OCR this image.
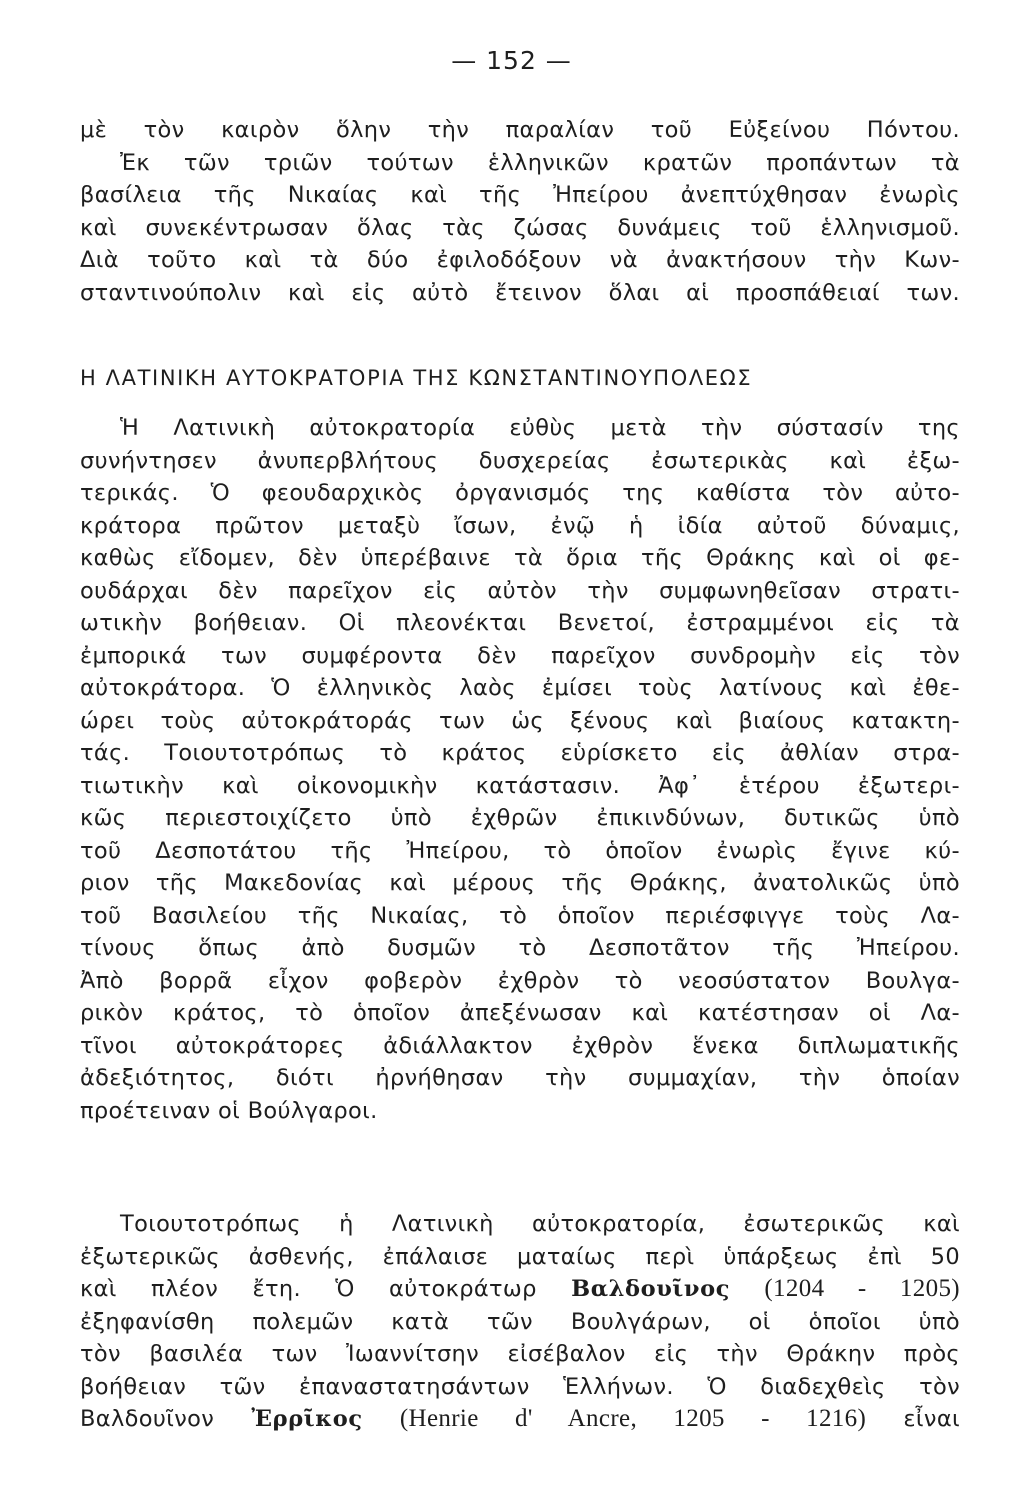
— 152 —
μὲ τὸν καιρὸν ὅλην τὴν παραλίαν τοῦ Εὐξείνου Πόντου.
Ἐκ τῶν τριῶν τούτων ἑλληνικῶν κρατῶν προπάντων τὰ
βασίλεια τῆς Νικαίας καὶ τῆς Ἠπείρου ἀνεπτύχθησαν ἐνωρὶς
καὶ συνεκέντρωσαν ὅλας τὰς ζώσας δυνάμεις τοῦ ἑλληνισμοῦ.
Διὰ τοῦτο καὶ τὰ δύο ἐφιλοδόξουν νὰ ἀνακτήσουν τὴν Κων-
σταντινούπολιν καὶ εἰς αὐτὸ ἔτεινον ὅλαι αἱ προσπάθειαί των.
Η ΛΑΤΙΝΙΚΗ ΑΥΤΟΚΡΑΤΟΡΙΑ ΤΗΣ ΚΩΝΣΤΑΝΤΙΝΟΥΠΟΛΕΩΣ
Ἡ Λατινικὴ αὐτοκρατορία εὐθὺς μετὰ τὴν σύστασίν της
συνήντησεν ἀνυπερβλήτους δυσχερείας ἐσωτερικὰς καὶ ἐξω-
τερικάς. Ὁ φεουδαρχικὸς ὀργανισμός της καθίστα τὸν αὐτο-
κράτορα πρῶτον μεταξὺ ἴσων, ἐνῷ ἡ ἰδία αὐτοῦ δύναμις,
καθὼς εἴδομεν, δὲν ὑπερέβαινε τὰ ὅρια τῆς Θράκης καὶ οἱ φε-
ουδάρχαι δὲν παρεῖχον εἰς αὐτὸν τὴν συμφωνηθεῖσαν στρατι-
ωτικὴν βοήθειαν. Οἱ πλεονέκται Βενετοί, ἐστραμμένοι εἰς τὰ
ἐμπορικά των συμφέροντα δὲν παρεῖχον συνδρομὴν εἰς τὸν
αὐτοκράτορα. Ὁ ἑλληνικὸς λαὸς ἐμίσει τοὺς λατίνους καὶ ἐθε-
ώρει τοὺς αὐτοκράτοράς των ὡς ξένους καὶ βιαίους κατακτη-
τάς. Τοιουτοτρόπως τὸ κράτος εὑρίσκετο εἰς ἀθλίαν στρα-
τιωτικὴν καὶ οἰκονομικὴν κατάστασιν. Ἀφ᾿ ἑτέρου ἐξωτερι-
κῶς περιεστοιχίζετο ὑπὸ ἐχθρῶν ἐπικινδύνων, δυτικῶς ὑπὸ
τοῦ Δεσποτάτου τῆς Ἠπείρου, τὸ ὁποῖον ἐνωρὶς ἔγινε κύ-
ριον τῆς Μακεδονίας καὶ μέρους τῆς Θράκης, ἀνατολικῶς ὑπὸ
τοῦ Βασιλείου τῆς Νικαίας, τὸ ὁποῖον περιέσφιγγε τοὺς Λα-
τίνους ὅπως ἀπὸ δυσμῶν τὸ Δεσποτᾶτον τῆς Ἠπείρου.
Ἀπὸ βορρᾶ εἶχον φοβερὸν ἐχθρὸν τὸ νεοσύστατον Βουλγα-
ρικὸν κράτος, τὸ ὁποῖον ἀπεξένωσαν καὶ κατέστησαν οἱ Λα-
τῖνοι αὐτοκράτορες ἀδιάλλακτον ἐχθρὸν ἕνεκα διπλωματικῆς
ἀδεξιότητος, διότι ἠρνήθησαν τὴν συμμαχίαν, τὴν ὁποίαν
προέτειναν οἱ Βούλγαροι.
Τοιουτοτρόπως ἡ Λατινικὴ αὐτοκρατορία, ἐσωτερικῶς καὶ
ἐξωτερικῶς ἀσθενής, ἐπάλαισε ματαίως περὶ ὑπάρξεως ἐπὶ 50
καὶ πλέον ἔτη. Ὁ αὐτοκράτωρ Βαλδουῖνος (1204 - 1205)
ἐξηφανίσθη πολεμῶν κατὰ τῶν Βουλγάρων, οἱ ὁποῖοι ὑπὸ
τὸν βασιλέα των Ἰωαννίτσην εἰσέβαλον εἰς τὴν Θράκην πρὸς
βοήθειαν τῶν ἐπαναστατησάντων Ἑλλήνων. Ὁ διαδεχθεὶς τὸν
Βαλδουῖνον Ἐρρῖκος (Henrie d' Ancre, 1205 - 1216) εἶναι
